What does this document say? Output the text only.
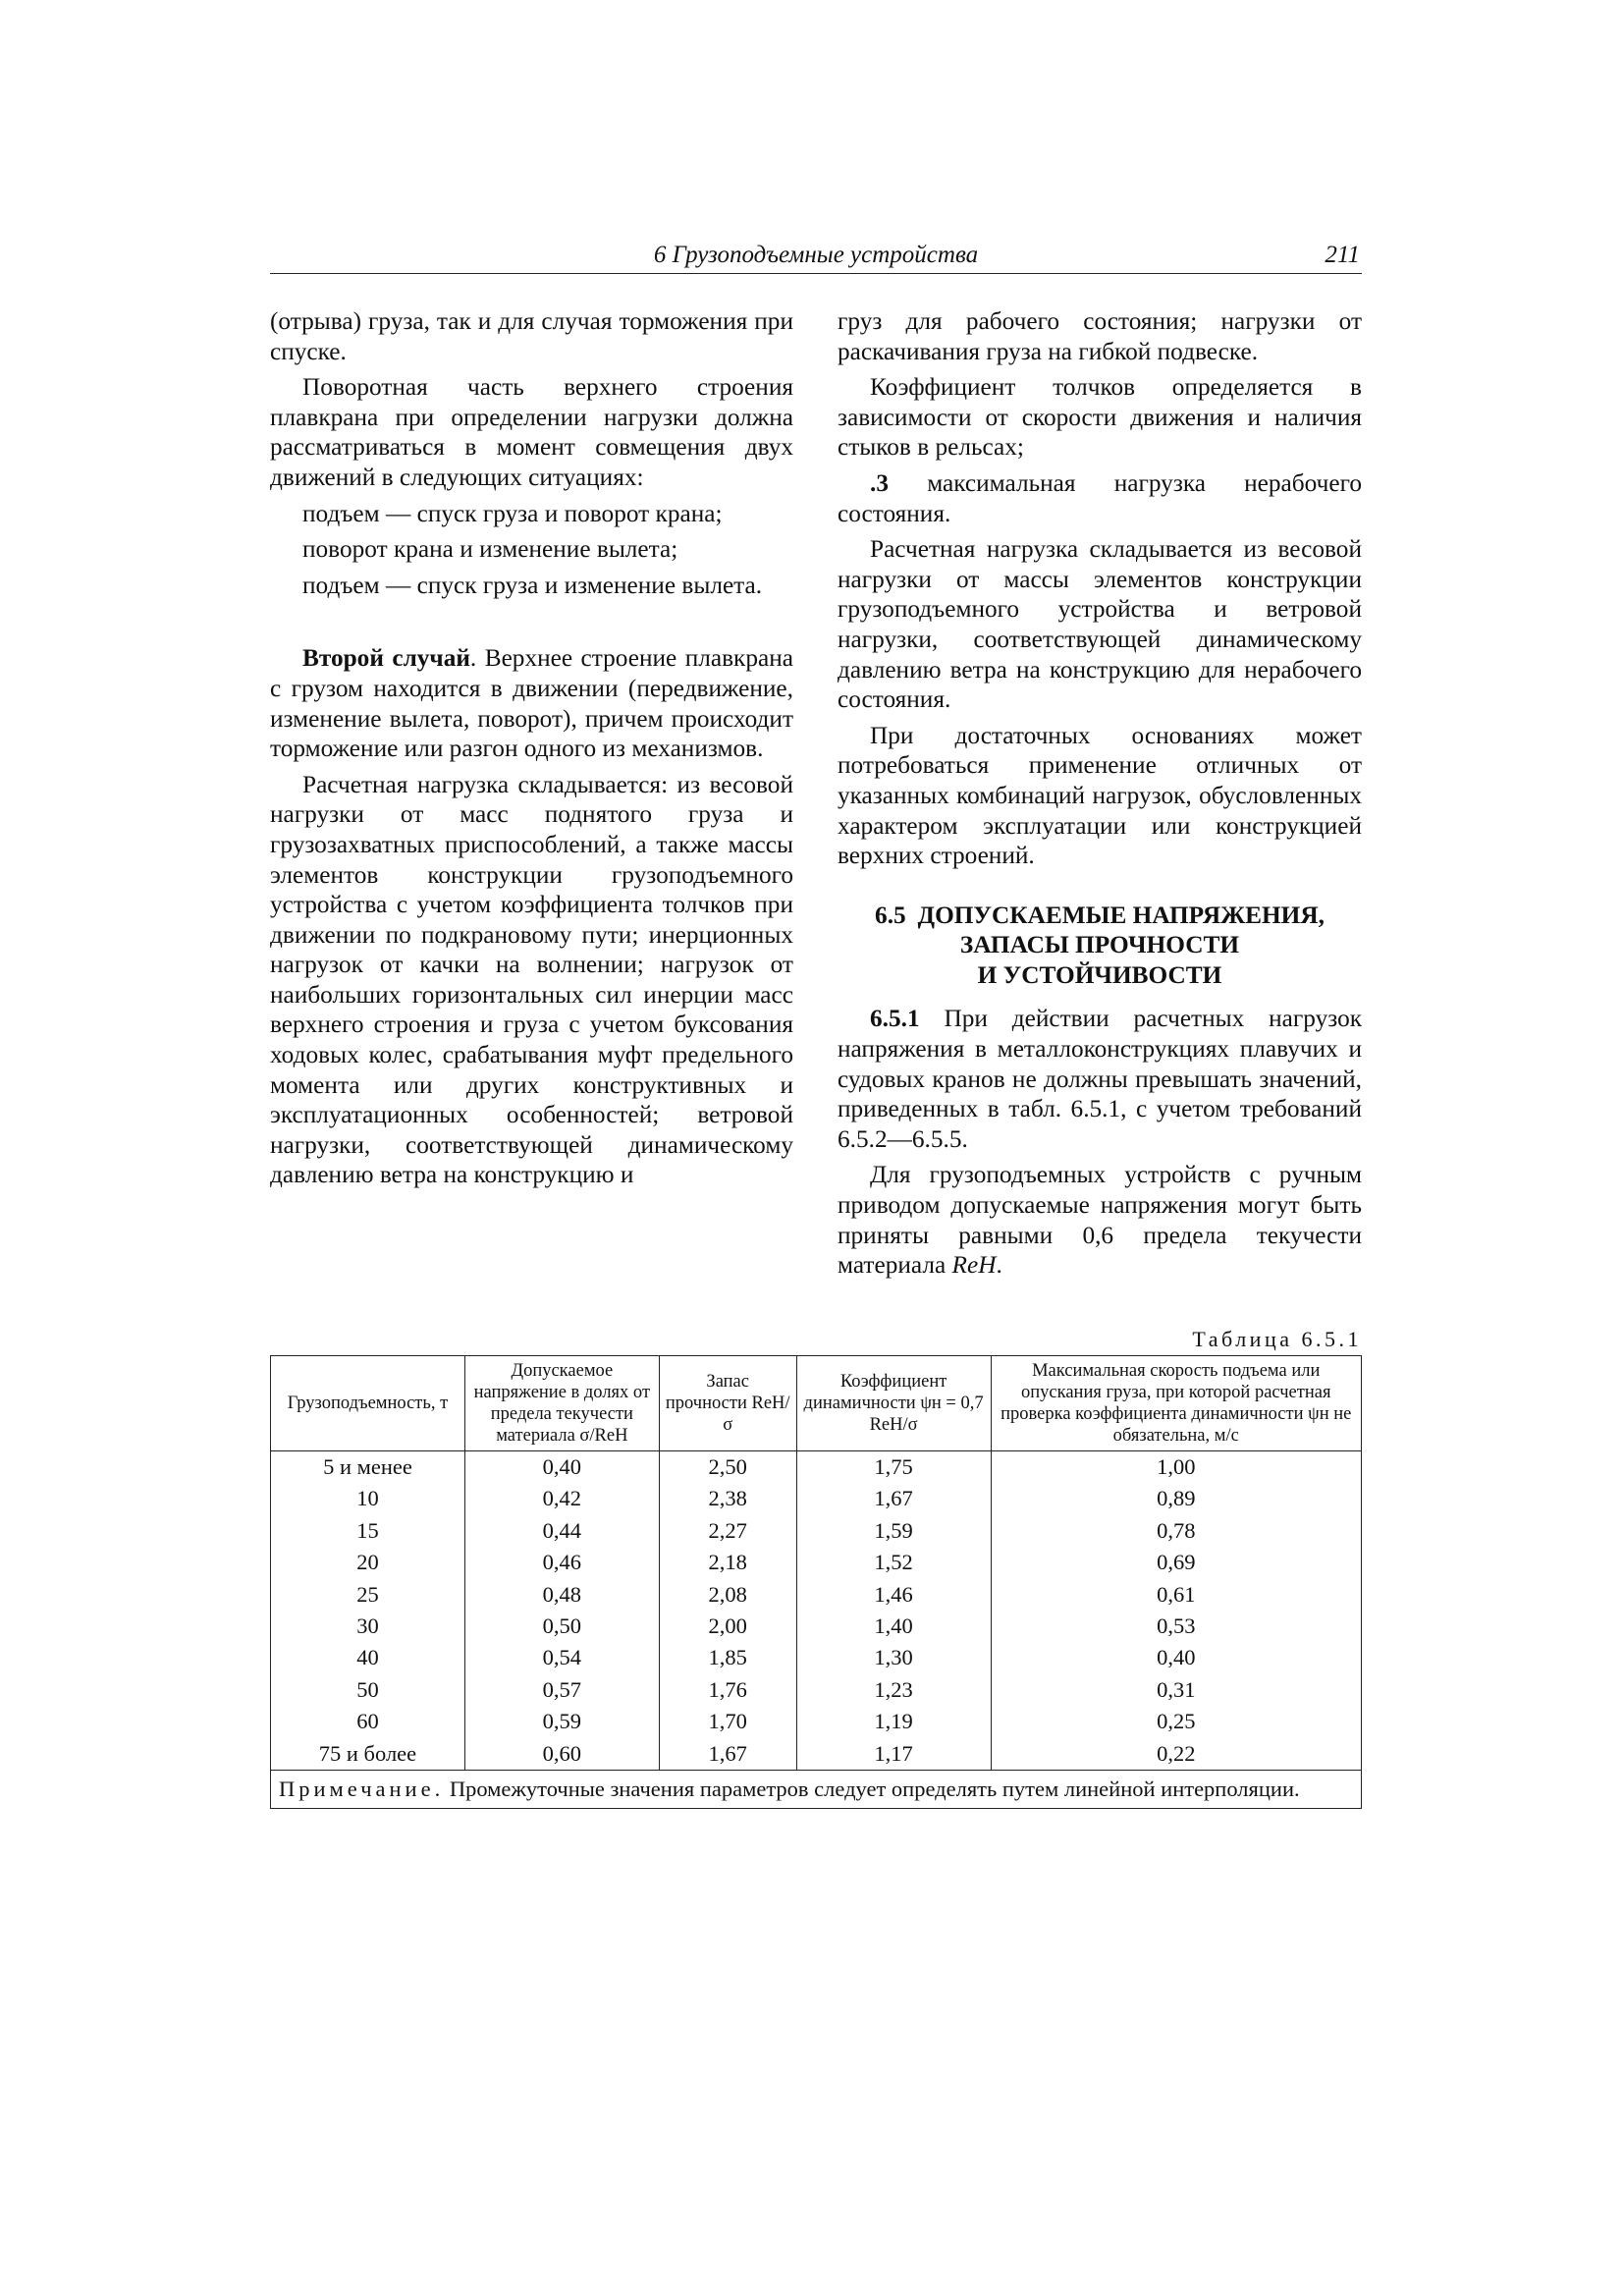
6 Грузоподъемные устройства	211

(отрыва) груза, так и для случая торможения при спуске.

Поворотная часть верхнего строения плавкрана при определении нагрузки должна рассматриваться в момент совмещения двух движений в следующих ситуациях:

подъем — спуск груза и поворот крана;

поворот крана и изменение вылета;

подъем — спуск груза и изменение вылета.

Второй случай. Верхнее строение плавкрана с грузом находится в движении (передвижение, изменение вылета, поворот), причем происходит торможение или разгон одного из механизмов.

Расчетная нагрузка складывается: из весовой нагрузки от масс поднятого груза и грузозахватных приспособлений, а также массы элементов конструкции грузоподъемного устройства с учетом коэффициента толчков при движении по подкрановому пути; инерционных нагрузок от качки на волнении; нагрузок от наибольших горизонтальных сил инерции масс верхнего строения и груза с учетом буксования ходовых колес, срабатывания муфт предельного момента или других конструктивных и эксплуатационных особенностей; ветровой нагрузки, соответствующей динамическому давлению ветра на конструкцию и

груз для рабочего состояния; нагрузки от раскачивания груза на гибкой подвеске.

Коэффициент толчков определяется в зависимости от скорости движения и наличия стыков в рельсах;

.3 максимальная нагрузка нерабочего состояния.

Расчетная нагрузка складывается из весовой нагрузки от массы элементов конструкции грузоподъемного устройства и ветровой нагрузки, соответствующей динамическому давлению ветра на конструкцию для нерабочего состояния.

При достаточных основаниях может потребоваться применение отличных от указанных комбинаций нагрузок, обусловленных характером эксплуатации или конструкцией верхних строений.

6.5 ДОПУСКАЕМЫЕ НАПРЯЖЕНИЯ,
ЗАПАСЫ ПРОЧНОСТИ
И УСТОЙЧИВОСТИ

6.5.1 При действии расчетных нагрузок напряжения в металлоконструкциях плавучих и судовых кранов не должны превышать значений, приведенных в табл. 6.5.1, с учетом требований 6.5.2—6.5.5.

Для грузоподъемных устройств с ручным приводом допускаемые напряжения могут быть приняты равными 0,6 предела текучести материала ReH.

Таблица 6.5.1
Грузоподъемность, т	Допускаемое напряжение в долях от предела текучести материала σ/ReH	Запас прочности ReH/σ	Коэффициент динамичности ψн = 0,7 ReH/σ	Максимальная скорость подъема или опускания груза, при которой расчетная проверка коэффициента динамичности ψн не обязательна, м/с
5 и менее	0,40	2,50	1,75	1,00
10	0,42	2,38	1,67	0,89
15	0,44	2,27	1,59	0,78
20	0,46	2,18	1,52	0,69
25	0,48	2,08	1,46	0,61
30	0,50	2,00	1,40	0,53
40	0,54	1,85	1,30	0,40
50	0,57	1,76	1,23	0,31
60	0,59	1,70	1,19	0,25
75 и более	0,60	1,67	1,17	0,22
Примечание. Промежуточные значения параметров следует определять путем линейной интерполяции.				
